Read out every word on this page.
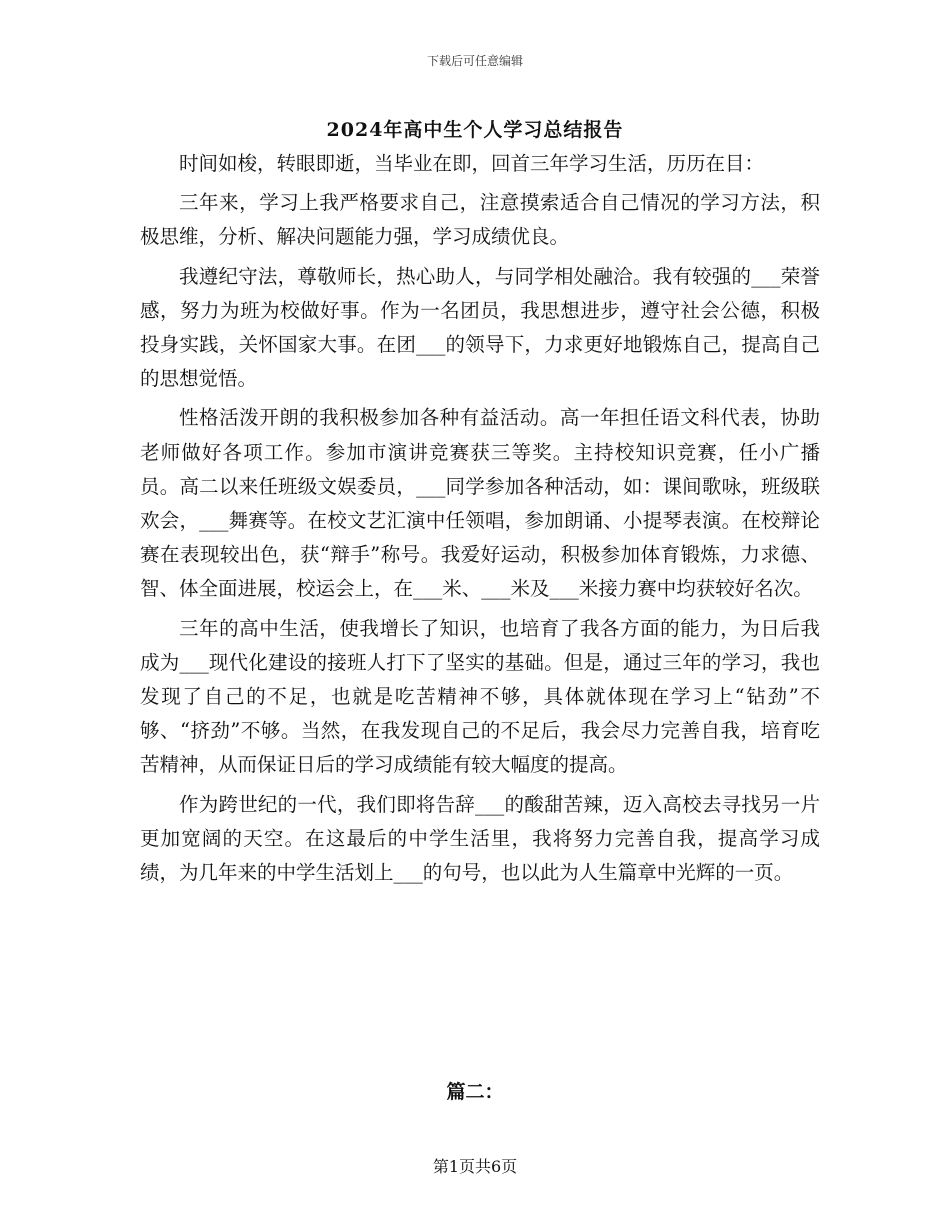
下载后可任意编辑
2024年高中生个人学习总结报告

时间如梭，转眼即逝，当毕业在即，回首三年学习生活，历历在目：

三年来，学习上我严格要求自己，注意摸索适合自己情况的学习方法，积极思维，分析、解决问题能力强，学习成绩优良。

我遵纪守法，尊敬师长，热心助人，与同学相处融洽。我有较强的___荣誉感，努力为班为校做好事。作为一名团员，我思想进步，遵守社会公德，积极投身实践，关怀国家大事。在团___的领导下，力求更好地锻炼自己，提高自己的思想觉悟。

性格活泼开朗的我积极参加各种有益活动。高一年担任语文科代表，协助老师做好各项工作。参加市演讲竞赛获三等奖。主持校知识竞赛，任小广播员。高二以来任班级文娱委员，___同学参加各种活动，如：课间歌咏，班级联欢会，___舞赛等。在校文艺汇演中任领唱，参加朗诵、小提琴表演。在校辩论赛在表现较出色，获“辩手”称号。我爱好运动，积极参加体育锻炼，力求德、智、体全面进展，校运会上，在___米、___米及___米接力赛中均获较好名次。

三年的高中生活，使我增长了知识，也培育了我各方面的能力，为日后我成为___现代化建设的接班人打下了坚实的基础。但是，通过三年的学习，我也发现了自己的不足，也就是吃苦精神不够，具体就体现在学习上“钻劲”不够、“挤劲”不够。当然，在我发现自己的不足后，我会尽力完善自我，培育吃苦精神，从而保证日后的学习成绩能有较大幅度的提高。

作为跨世纪的一代，我们即将告辞___的酸甜苦辣，迈入高校去寻找另一片更加宽阔的天空。在这最后的中学生活里，我将努力完善自我，提高学习成绩，为几年来的中学生活划上___的句号，也以此为人生篇章中光辉的一页。

篇二：
第1页共6页
